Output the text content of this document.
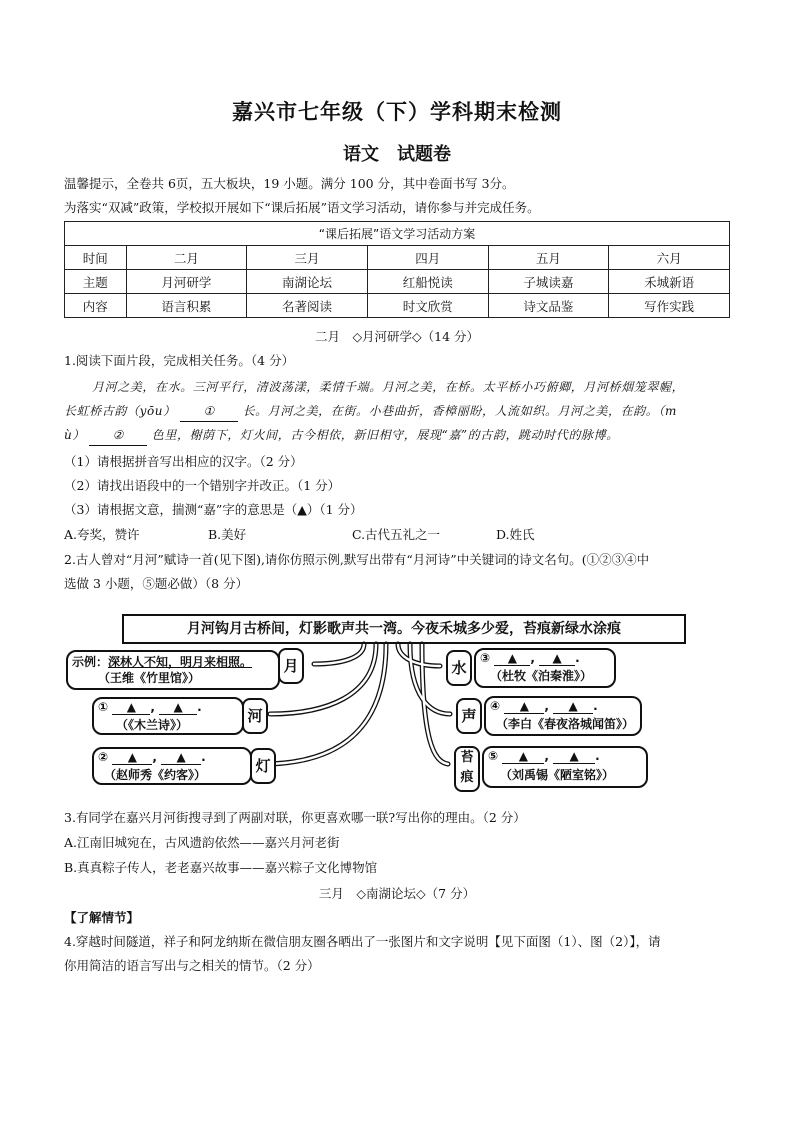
嘉兴市七年级（下）学科期末检测
语文　试题卷
温馨提示，全卷共 6页，五大板块，19 小题。满分 100 分，其中卷面书写 3分。
为落实“双减”政策，学校拟开展如下“课后拓展”语文学习活动，请你参与并完成任务。
“课后拓展”语文学习活动方案					
时间	二月	三月	四月	五月	六月
主题	月河研学	南湖论坛	红船悦读	子城读嘉	禾城新语
内容	语言积累	名著阅读	时文欣赏	诗文品鉴	写作实践
二月　◇月河研学◇（14 分）
1.阅读下面片段，完成相关任务。（4 分）
月河之美，在水。三河平行，清波荡漾，柔情千端。月河之美，在桥。太平桥小巧俯卿，月河桥烟笼翠幄，
长虹桥古韵（yōu） ① 长。月河之美，在街。小巷曲折，香樟丽盼，人流如织。月河之美，在韵。（m
ù） ② 色里，榭荫下，灯火间，古今相依，新旧相守，展现“嘉”的古韵，跳动时代的脉博。
（1）请根据拼音写出相应的汉字。（2 分）
（2）请找出语段中的一个错别字并改正。（1 分）
（3）请根据文意，揣测“嘉”字的意思是（▲）（1 分）
A.夸奖，赞许	B.美好	C.古代五礼之一	D.姓氏
2.古人曾对“月河”赋诗一首(见下图),请你仿照示例,默写出带有“月河诗”中关键词的诗文名句。(①②③④中
选做 3 小题，⑤题必做）（8 分）
月河钩月古桥间，灯影歌声共一湾。今夜禾城多少爱，苔痕新绿水涂痕
示例：深林人不知，明月来相照。
（王维《竹里馆》）
月
① ▲ , ▲ .
（《木兰诗》）	河
② ▲ , ▲ .
（赵师秀《约客》）	灯
水
③ ▲ , ▲ .
（杜牧《泊秦淮》）
声
④ ▲ , ▲ .
（李白《春夜洛城闻笛》）
苔痕
⑤ ▲ , ▲ .
（刘禹锡《陋室铭》）
3.有同学在嘉兴月河街搜寻到了两副对联，你更喜欢哪一联?写出你的理由。（2 分）
A.江南旧城宛在，古风遗韵依然——嘉兴月河老街
B.真真粽子传人，老老嘉兴故事——嘉兴粽子文化博物馆
三月　◇南湖论坛◇（7 分）
【了解情节】
4.穿越时间隧道，祥子和阿龙纳斯在微信朋友圈各晒出了一张图片和文字说明【见下面图（1）、图（2）】，请
你用简洁的语言写出与之相关的情节。（2 分）
